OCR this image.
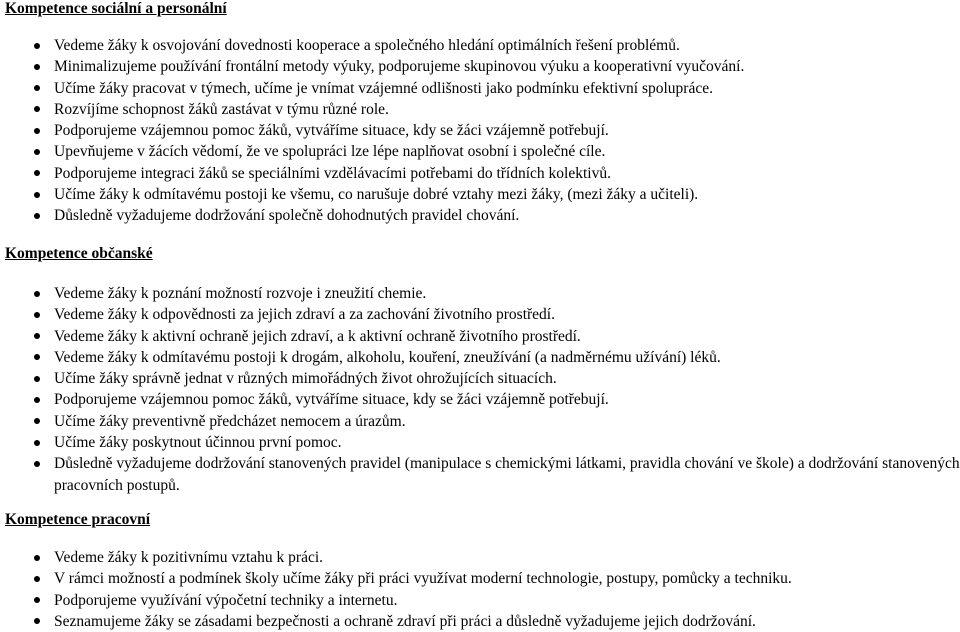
Kompetence sociální a personální
Vedeme žáky k osvojování dovednosti kooperace a společného hledání optimálních řešení problémů.
Minimalizujeme používání frontální metody výuky, podporujeme skupinovou výuku a kooperativní vyučování.
Učíme žáky pracovat v týmech, učíme je vnímat vzájemné odlišnosti jako podmínku efektivní spolupráce.
Rozvíjíme schopnost žáků zastávat v týmu různé role.
Podporujeme vzájemnou pomoc žáků, vytváříme situace, kdy se žáci vzájemně potřebují.
Upevňujeme v žácích vědomí, že ve spolupráci lze lépe naplňovat osobní i společné cíle.
Podporujeme integraci žáků se speciálními vzdělávacími potřebami do třídních kolektivů.
Učíme žáky k odmítavému postoji ke všemu, co narušuje dobré vztahy mezi žáky, (mezi žáky a učiteli).
Důsledně vyžadujeme dodržování společně dohodnutých pravidel chování.
Kompetence občanské
Vedeme žáky k poznání možností rozvoje i zneužití chemie.
Vedeme žáky k odpovědnosti za jejich zdraví a za zachování životního prostředí.
Vedeme žáky k aktivní ochraně jejich zdraví, a k aktivní ochraně životního prostředí.
Vedeme žáky k odmítavému postoji k drogám, alkoholu, kouření, zneužívání (a nadměrnému užívání) léků.
Učíme žáky správně jednat v různých mimořádných život ohrožujících situacích.
Podporujeme vzájemnou pomoc žáků, vytváříme situace, kdy se žáci vzájemně potřebují.
Učíme žáky preventivně předcházet nemocem a úrazům.
Učíme žáky poskytnout účinnou první pomoc.
Důsledně vyžadujeme dodržování stanovených pravidel (manipulace s chemickými látkami, pravidla chování ve škole) a dodržování stanovených pracovních postupů.
Kompetence pracovní
Vedeme žáky k pozitivnímu vztahu k práci.
V rámci možností a podmínek školy učíme žáky při práci využívat moderní technologie, postupy, pomůcky a techniku.
Podporujeme využívání výpočetní techniky a internetu.
Seznamujeme žáky se zásadami bezpečnosti a ochraně zdraví při práci a důsledně vyžadujeme jejich dodržování.
